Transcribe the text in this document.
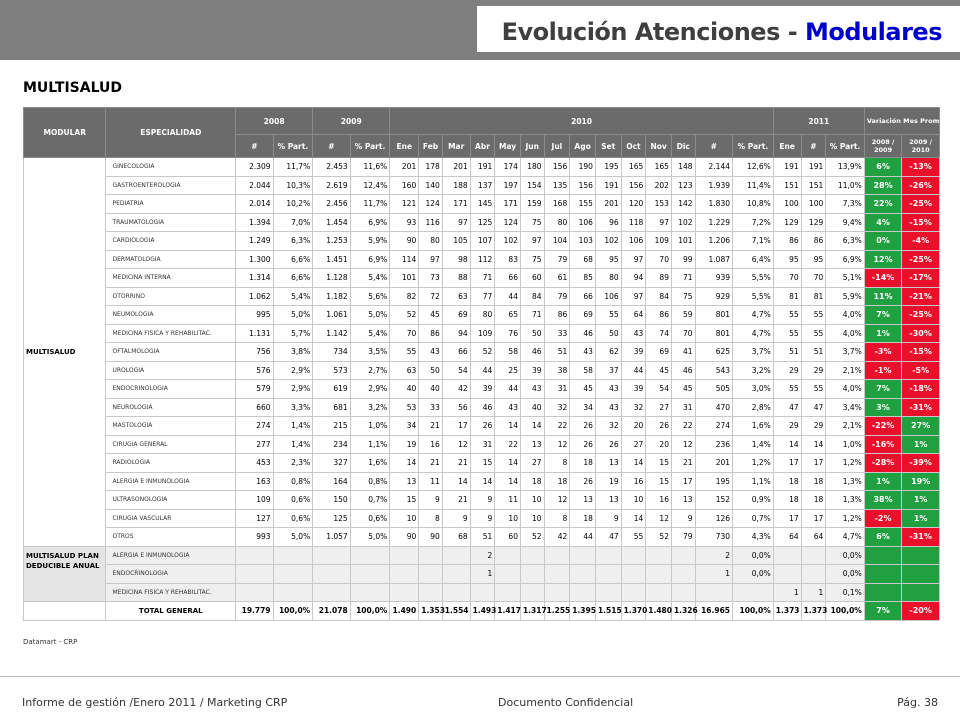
Evolución Atenciones - Modulares
MULTISALUD
MODULAR	ESPECIALIDAD	2008		2009		2010														2011			Variación Mes Prom.	
		#	% Part.	#	% Part.	Ene	Feb	Mar	Abr	May	Jun	Jul	Ago	Set	Oct	Nov	Dic	#	% Part.	Ene	#	% Part.	2008 / 2009	2009 / 2010
MULTISALUD	GINECOLOGIA	2.309	11,7%	2.453	11,6%	201	178	201	191	174	180	156	190	195	165	165	148	2.144	12,6%	191	191	13,9%	6%	-13%
	GASTROENTEROLOGIA	2.044	10,3%	2.619	12,4%	160	140	188	137	197	154	135	156	191	156	202	123	1.939	11,4%	151	151	11,0%	28%	-26%
	PEDIATRIA	2.014	10,2%	2.456	11,7%	121	124	171	145	171	159	168	155	201	120	153	142	1.830	10,8%	100	100	7,3%	22%	-25%
	TRAUMATOLOGIA	1.394	7,0%	1.454	6,9%	93	116	97	125	124	75	80	106	96	118	97	102	1.229	7,2%	129	129	9,4%	4%	-15%
	CARDIOLOGIA	1.249	6,3%	1.253	5,9%	90	80	105	107	102	97	104	103	102	106	109	101	1.206	7,1%	86	86	6,3%	0%	-4%
	DERMATOLOGIA	1.300	6,6%	1.451	6,9%	114	97	98	112	83	75	79	68	95	97	70	99	1.087	6,4%	95	95	6,9%	12%	-25%
	MEDICINA INTERNA	1.314	6,6%	1.128	5,4%	101	73	88	71	66	60	61	85	80	94	89	71	939	5,5%	70	70	5,1%	-14%	-17%
	OTORRINO	1.062	5,4%	1.182	5,6%	82	72	63	77	44	84	79	66	106	97	84	75	929	5,5%	81	81	5,9%	11%	-21%
	NEUMOLOGIA	995	5,0%	1.061	5,0%	52	45	69	80	65	71	86	69	55	64	86	59	801	4,7%	55	55	4,0%	7%	-25%
	MEDICINA FISICA Y REHABILITAC.	1.131	5,7%	1.142	5,4%	70	86	94	109	76	50	33	46	50	43	74	70	801	4,7%	55	55	4,0%	1%	-30%
	OFTALMOLOGIA	756	3,8%	734	3,5%	55	43	66	52	58	46	51	43	62	39	69	41	625	3,7%	51	51	3,7%	-3%	-15%
	UROLOGIA	576	2,9%	573	2,7%	63	50	54	44	25	39	38	58	37	44	45	46	543	3,2%	29	29	2,1%	-1%	-5%
	ENDOCRINOLOGIA	579	2,9%	619	2,9%	40	40	42	39	44	43	31	45	43	39	54	45	505	3,0%	55	55	4,0%	7%	-18%
	NEUROLOGIA	660	3,3%	681	3,2%	53	33	56	46	43	40	32	34	43	32	27	31	470	2,8%	47	47	3,4%	3%	-31%
	MASTOLOGIA	274	1,4%	215	1,0%	34	21	17	26	14	14	22	26	32	20	26	22	274	1,6%	29	29	2,1%	-22%	27%
	CIRUGIA GENERAL	277	1,4%	234	1,1%	19	16	12	31	22	13	12	26	26	27	20	12	236	1,4%	14	14	1,0%	-16%	1%
	RADIOLOGIA	453	2,3%	327	1,6%	14	21	21	15	14	27	8	18	13	14	15	21	201	1,2%	17	17	1,2%	-28%	-39%
	ALERGIA E INMUNOLOGIA	163	0,8%	164	0,8%	13	11	14	14	14	18	18	26	19	16	15	17	195	1,1%	18	18	1,3%	1%	19%
	ULTRASONOLOGIA	109	0,6%	150	0,7%	15	9	21	9	11	10	12	13	13	10	16	13	152	0,9%	18	18	1,3%	38%	1%
	CIRUGIA VASCULAR	127	0,6%	125	0,6%	10	8	9	9	10	10	8	18	9	14	12	9	126	0,7%	17	17	1,2%	-2%	1%
	OTROS	993	5,0%	1.057	5,0%	90	90	68	51	60	52	42	44	47	55	52	79	730	4,3%	64	64	4,7%	6%	-31%
MULTISALUD PLAN DEDUCIBLE ANUAL	ALERGIA E INMUNOLOGIA								2									2	0,0%			0,0%		
	ENDOCRINOLOGIA								1									1	0,0%			0,0%		
	MEDICINA FISICA Y REHABILITAC.																			1	1	0,1%		
	TOTAL GENERAL	19.779	100,0%	21.078	100,0%	1.490	1.353	1.554	1.493	1.417	1.317	1.255	1.395	1.515	1.370	1.480	1.326	16.965	100,0%	1.373	1.373	100,0%	7%	-20%
Datamart - CRP
Informe de gestión /Enero 2011 / Marketing CRP	Documento Confidencial	Pág. 38
